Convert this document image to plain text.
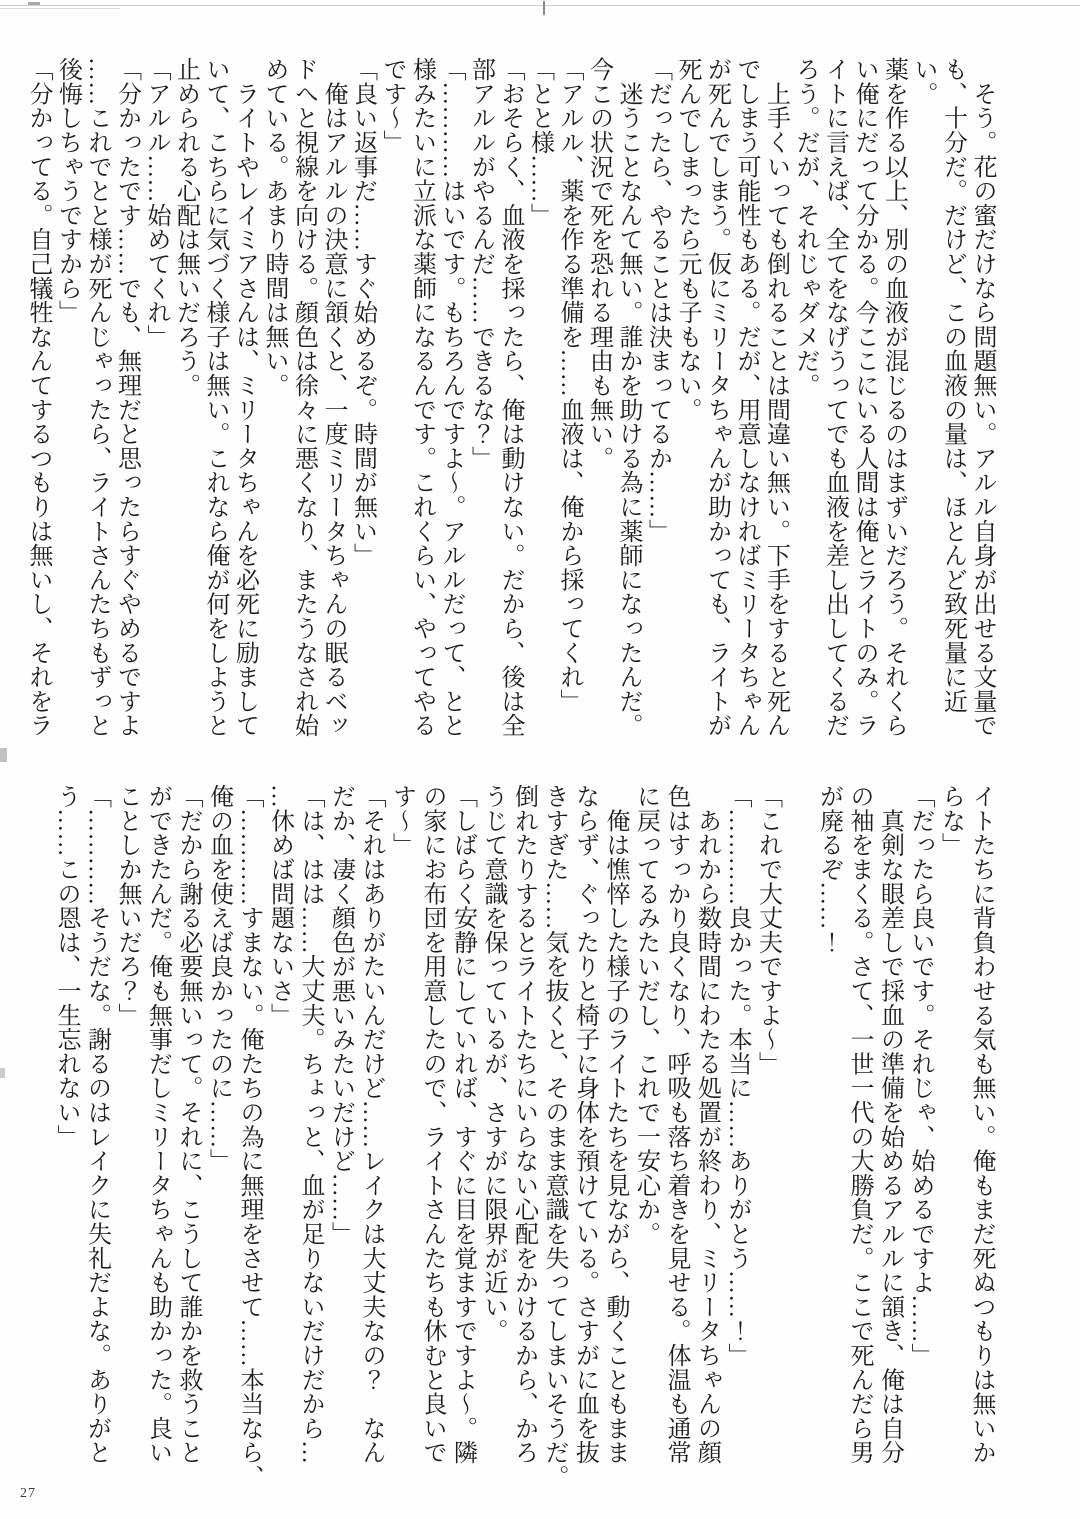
　そう。花の蜜だけなら問題無い。アルル自身が出せる文量で

も、十分だ。だけど、この血液の量は、ほとんど致死量に近い。

薬を作る以上、別の血液が混じるのはまずいだろう。それくら

い俺にだって分かる。今ここにいる人間は俺とライトのみ。ラ

イトに言えば、全てをなげうってでも血液を差し出してくるだ

ろう。だが、それじゃダメだ。

　上手くいっても倒れることは間違い無い。下手をすると死ん

でしまう可能性もある。だが、用意しなければミリータちゃん

が死んでしまう。仮にミリータちゃんが助かっても、ライトが

死んでしまったら元も子もない。

「だったら、やることは決まってるか……」

　迷うことなんて無い。誰かを助ける為に薬師になったんだ。

今この状況で死を恐れる理由も無い。

「アルル、薬を作る準備を……血液は、俺から採ってくれ」

「とと様……」

「おそらく、血液を採ったら、俺は動けない。だから、後は全

部アルルがやるんだ……できるな？」

「…………はいです。もちろんですよ〜。アルルだって、とと

様みたいに立派な薬師になるんです。これくらい、やってやる

です〜」

「良い返事だ……すぐ始めるぞ。時間が無い」

　俺はアルルの決意に頷くと、一度ミリータちゃんの眠るベッ

ドへと視線を向ける。顔色は徐々に悪くなり、またうなされ始

めている。あまり時間は無い。

　ライトやレイミアさんは、ミリータちゃんを必死に励まして

いて、こちらに気づく様子は無い。これなら俺が何をしようと

止められる心配は無いだろう。

「アルル……始めてくれ」

「分かったです……でも、無理だと思ったらすぐやめるですよ

……これでとと様が死んじゃったら、ライトさんたちもずっと

後悔しちゃうですから」

「分かってる。自己犠牲なんてするつもりは無いし、それをラ

イトたちに背負わせる気も無い。俺もまだ死ぬつもりは無いか

らな」

「だったら良いです。それじゃ、始めるですよ……」

　真剣な眼差しで採血の準備を始めるアルルに頷き、俺は自分

の袖をまくる。さて、一世一代の大勝負だ。ここで死んだら男

が廃るぞ……！

「これで大丈夫ですよ〜」

「…………良かった。本当に……ありがとう……！」

　あれから数時間にわたる処置が終わり、ミリータちゃんの顔

色はすっかり良くなり、呼吸も落ち着きを見せる。体温も通常

に戻ってるみたいだし、これで一安心か。

　俺は憔悴した様子のライトたちを見ながら、動くこともまま

ならず、ぐったりと椅子に身体を預けている。さすがに血を抜

きすぎた……気を抜くと、そのまま意識を失ってしまいそうだ。

倒れたりするとライトたちにいらない心配をかけるから、かろ

うじて意識を保っているが、さすがに限界が近い。

「しばらく安静にしていれば、すぐに目を覚ますですよ〜。隣

の家にお布団を用意したので、ライトさんたちも休むと良いで

す〜」

「それはありがたいんだけど……レイクは大丈夫なの？　なん

だか、凄く顔色が悪いみたいだけど……」

「は、はは……大丈夫。ちょっと、血が足りないだけだから…

…休めば問題ないさ」

「…………すまない。俺たちの為に無理をさせて……本当なら、

俺の血を使えば良かったのに……」

「だから謝る必要無いって。それに、こうして誰かを救うこと

ができたんだ。俺も無事だしミリータちゃんも助かった。良い

ことしか無いだろ？」

「…………そうだな。謝るのはレイクに失礼だよな。ありがと

う……この恩は、一生忘れない」

27
